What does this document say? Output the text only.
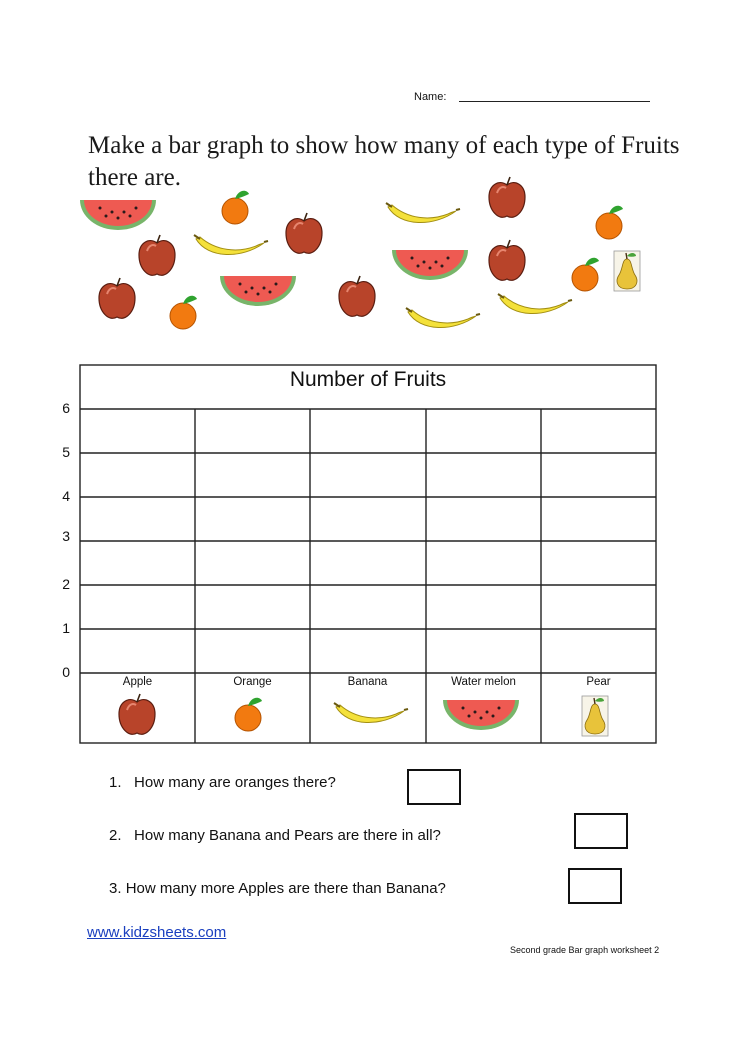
Name:
Make a bar graph to show how many of each type of Fruits there are.
Number of Fruits
6
5
4
3
2
1
0
Apple	Orange	Banana	Water melon	Pear
1. How many are oranges there?
2. How many Banana and Pears are there in all?
3. How many more Apples are there than Banana?
www.kidzsheets.com
Second grade Bar graph worksheet 2
